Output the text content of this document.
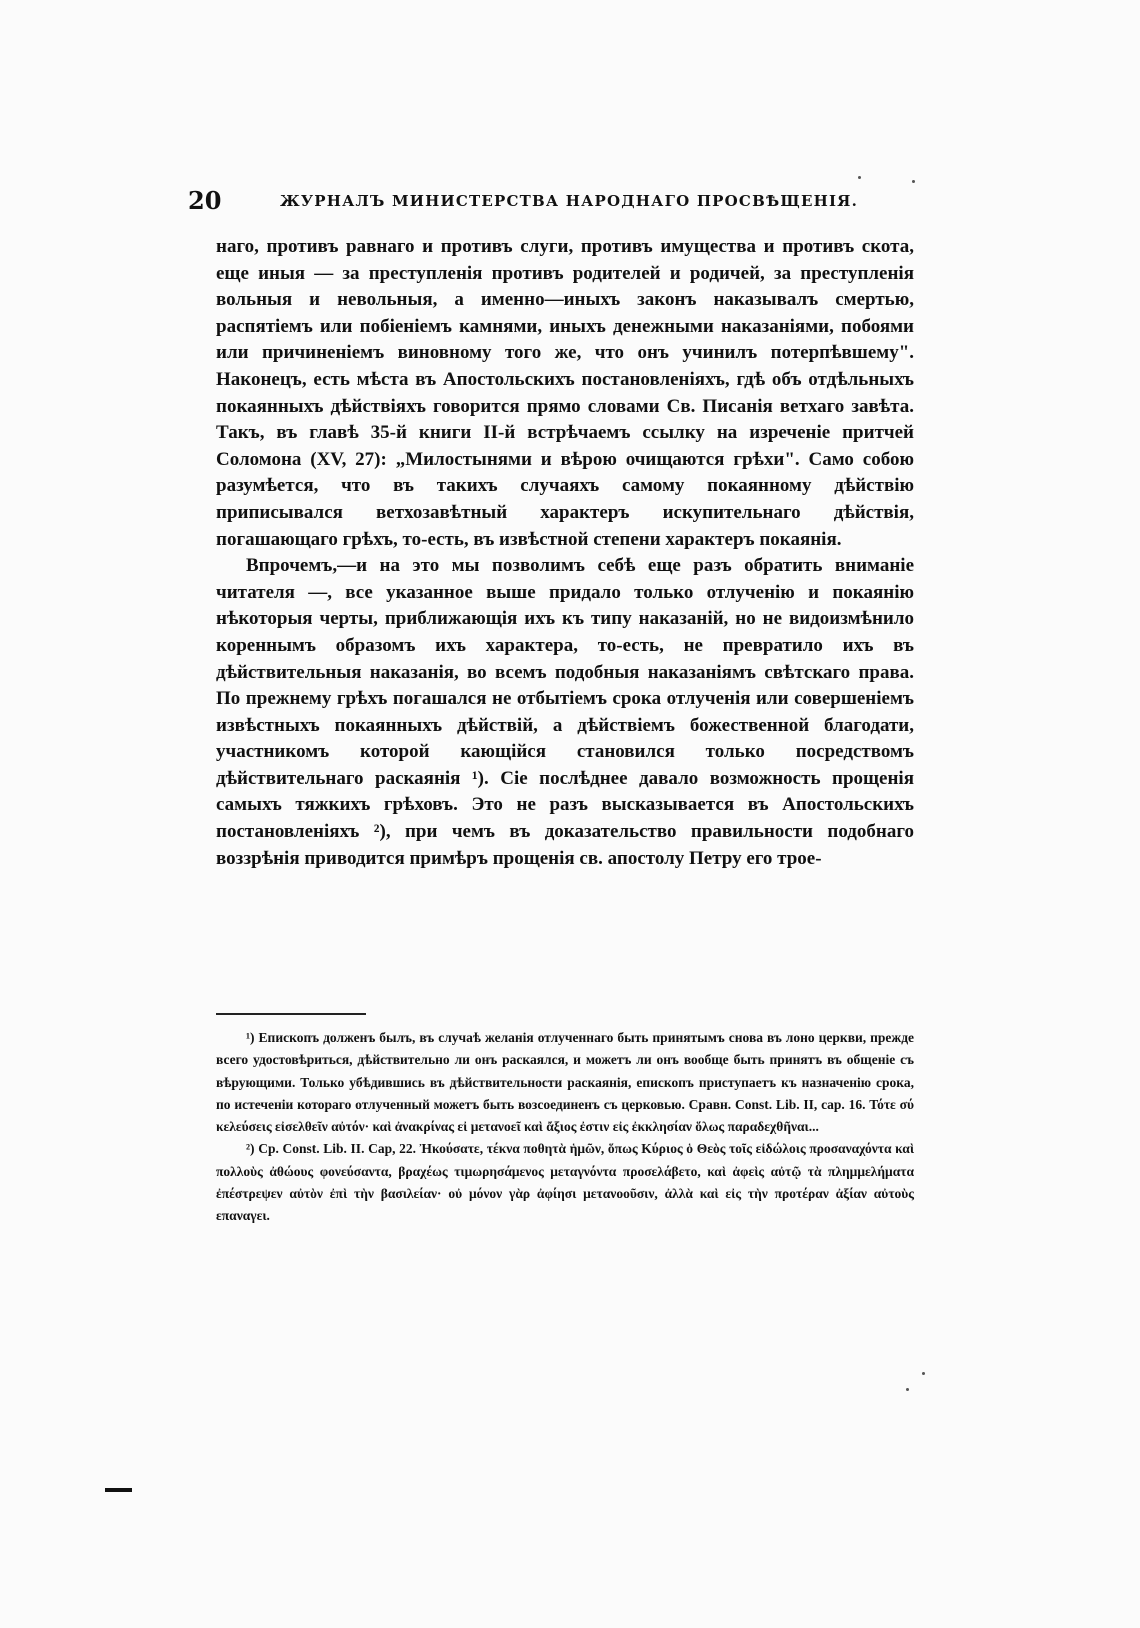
20	ЖУРНАЛЪ МИНИСТЕРСТВА НАРОДНАГО ПРОСВѢЩЕНІЯ.

наго, противъ равнаго и противъ слуги, противъ имущества и противъ скота, еще иныя — за преступленія противъ родителей и родичей, за преступленія вольныя и невольныя, а именно—иныхъ законъ наказывалъ смертью, распятіемъ или побіеніемъ камнями, иныхъ денежными наказаніями, побоями или причиненіемъ виновному того же, что онъ учинилъ потерпѣвшему". Наконецъ, есть мѣста въ Апостольскихъ постановленіяхъ, гдѣ объ отдѣльныхъ покаянныхъ дѣйствіяхъ говорится прямо словами Св. Писанія ветхаго завѣта. Такъ, въ главѣ 35-й книги II-й встрѣчаемъ ссылку на изреченіе притчей Соломона (XV, 27): „Милостынями и вѣрою очищаются грѣхи". Само собою разумѣется, что въ такихъ случаяхъ самому покаянному дѣйствію приписывался ветхозавѣтный характеръ искупительнаго дѣйствія, погашающаго грѣхъ, то-есть, въ извѣстной степени характеръ покаянія.

Впрочемъ,—и на это мы позволимъ себѣ еще разъ обратить вниманіе читателя —, все указанное выше придало только отлученію и покаянію нѣкоторыя черты, приближающія ихъ къ типу наказаній, но не видоизмѣнило кореннымъ образомъ ихъ характера, то-есть, не превратило ихъ въ дѣйствительныя наказанія, во всемъ подобныя наказаніямъ свѣтскаго права. По прежнему грѣхъ погашался не отбытіемъ срока отлученія или совершеніемъ извѣстныхъ покаянныхъ дѣйствій, а дѣйствіемъ божественной благодати, участникомъ которой кающійся становился только посредствомъ дѣйствительнаго раскаянія ¹). Сіе послѣднее давало возможность прощенія самыхъ тяжкихъ грѣховъ. Это не разъ высказывается въ Апостольскихъ постановленіяхъ ²), при чемъ въ доказательство правильности подобнаго воззрѣнія приводится примѣръ прощенія св. апостолу Петру его трое-

¹) Епископъ долженъ былъ, въ случаѣ желанія отлученнаго быть принятымъ снова въ лоно церкви, прежде всего удостовѣриться, дѣйствительно ли онъ раскаялся, и можетъ ли онъ вообще быть принятъ въ общеніе съ вѣрующими. Только убѣдившись въ дѣйствительности раскаянія, епископъ приступаетъ къ назначенію срока, по истеченіи котораго отлученный можетъ быть возсоединенъ съ церковью. Сравн. Const. Lib. II, cap. 16. Τότε σύ κελεύσεις εἰσελθεῖν αὐτόν· καὶ ἀνακρίνας εἰ μετανοεῖ καὶ ἄξιος ἐστιν εἰς ἐκκλησίαν ὅλως παραδεχθῆναι...

²) Cp. Const. Lib. II. Cap, 22. Ἠκούσατε, τέκνα ποθητὰ ἡμῶν, ὅπως Κύριος ὁ Θεὸς τοῖς εἰδώλοις προσαναχόντα καὶ πολλοὺς ἀθώους φονεύσαντα, βραχέως τιμωρησάμενος μεταγνόντα προσελάβετο, καὶ ἀφεὶς αὐτῷ τὰ πλημμελήματα ἐπέστρεψεν αὐτὸν ἐπὶ τὴν βασιλείαν· οὐ μόνον γὰρ ἀφίησι μετανοοῦσιν, ἀλλὰ καὶ εἰς τὴν προτέραν ἀξίαν αὐτοὺς επαναγει.
